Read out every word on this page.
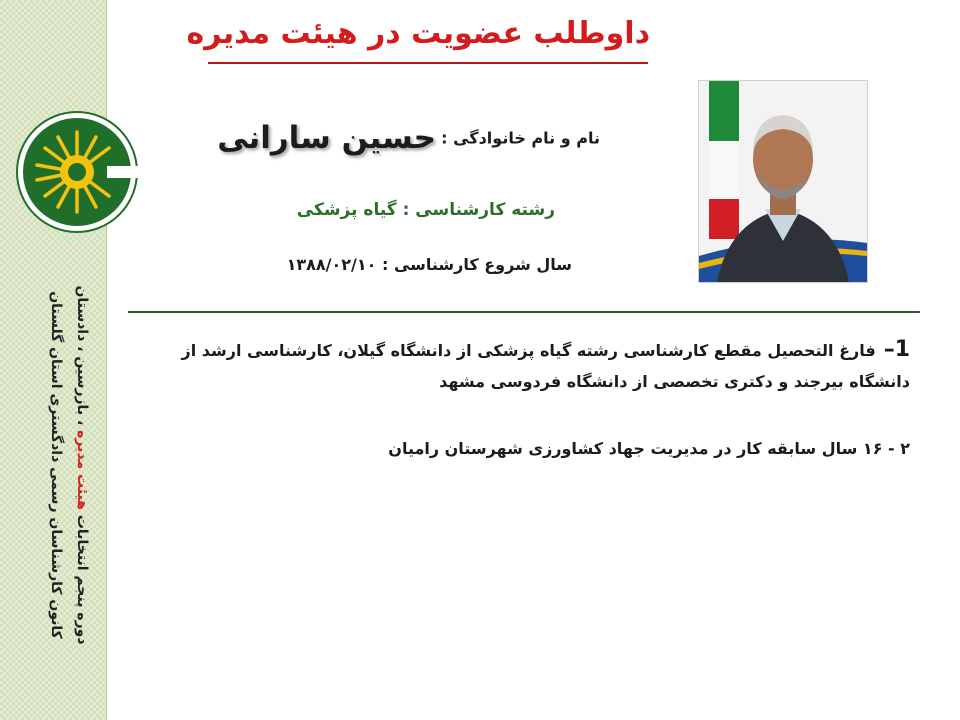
دوره پنجم انتخابات هیئت مدیره ، بازرسین ، دادستان
کانون کارشناسان رسمی دادگستری استان گلستان
داوطلب عضویت در هیئت مدیره
نام و نام خانوادگی : حسین سارانی
رشته کارشناسی : گیاه پزشکی
سال شروع کارشناسی : ۱۳۸۸/۰۲/۱۰
1–فارغ التحصیل مقطع کارشناسی رشته گیاه پزشکی از دانشگاه گیلان، کارشناسی ارشد از دانشگاه بیرجند و دکتری تخصصی از دانشگاه فردوسی مشهد
۲ - ۱۶ سال سابقه کار در مدیریت جهاد کشاورزی شهرستان رامیان
